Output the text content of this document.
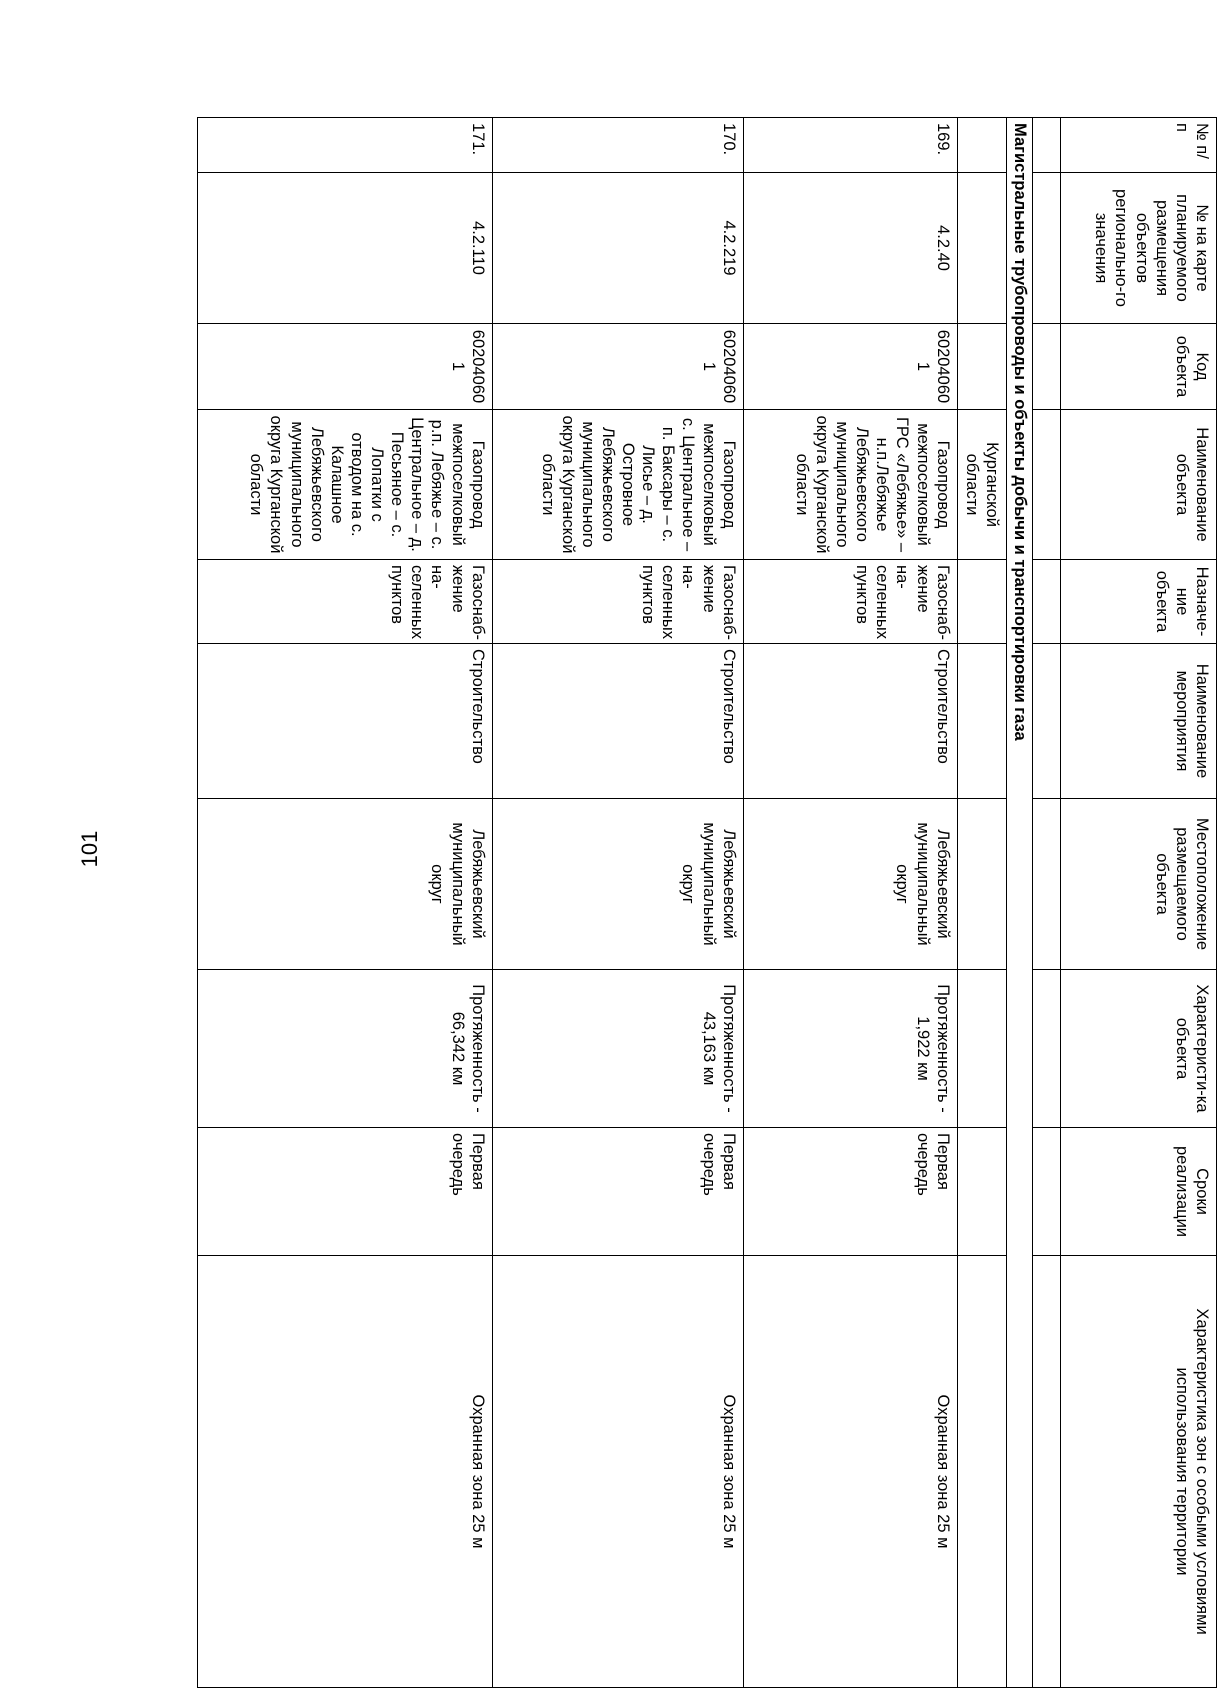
101
№ п/п	№ на карте планируемого размещения объектов регионально-го значения	Код объекта	Наименование объекта	Назначе-ние объекта	Наименование мероприятия	Местоположение размещаемого объекта	Характеристи-ка объекта	Сроки реализации	Характеристика зон с особыми условиями использования территории

Магистральные трубопроводы и объекты добычи и транспортировки газа									
			Курганской области						
169.	4.2.40	602040601	Газопровод межпоселковый ГРС «Лебяжье» – н.п.Лебяжье Лебяжьевского муниципального округа Курганской области	Газоснаб-жение на-селенных пунктов	Строительство	Лебяжьевский муниципальный округ	Протяженность - 1,922 км	Первая очередь	Охранная зона 25 м
170.	4.2.219	602040601	Газопровод межпоселковый с. Центральное – п. Баксары – с. Лисье – д. Островное Лебяжьевского муниципального округа Курганской области	Газоснаб-жение на-селенных пунктов	Строительство	Лебяжьевский муниципальный округ	Протяженность - 43,163 км	Первая очередь	Охранная зона 25 м
171.	4.2.110	602040601	Газопровод межпоселковый р.п. Лебяжье – с. Центральное – д. Песьяное – с. Лопатки с отводом на с. Калашное Лебяжьевского муниципального округа Курганской области	Газоснаб-жение на-селенных пунктов	Строительство	Лебяжьевский муниципальный округ	Протяженность - 66,342 км	Первая очередь	Охранная зона 25 м
